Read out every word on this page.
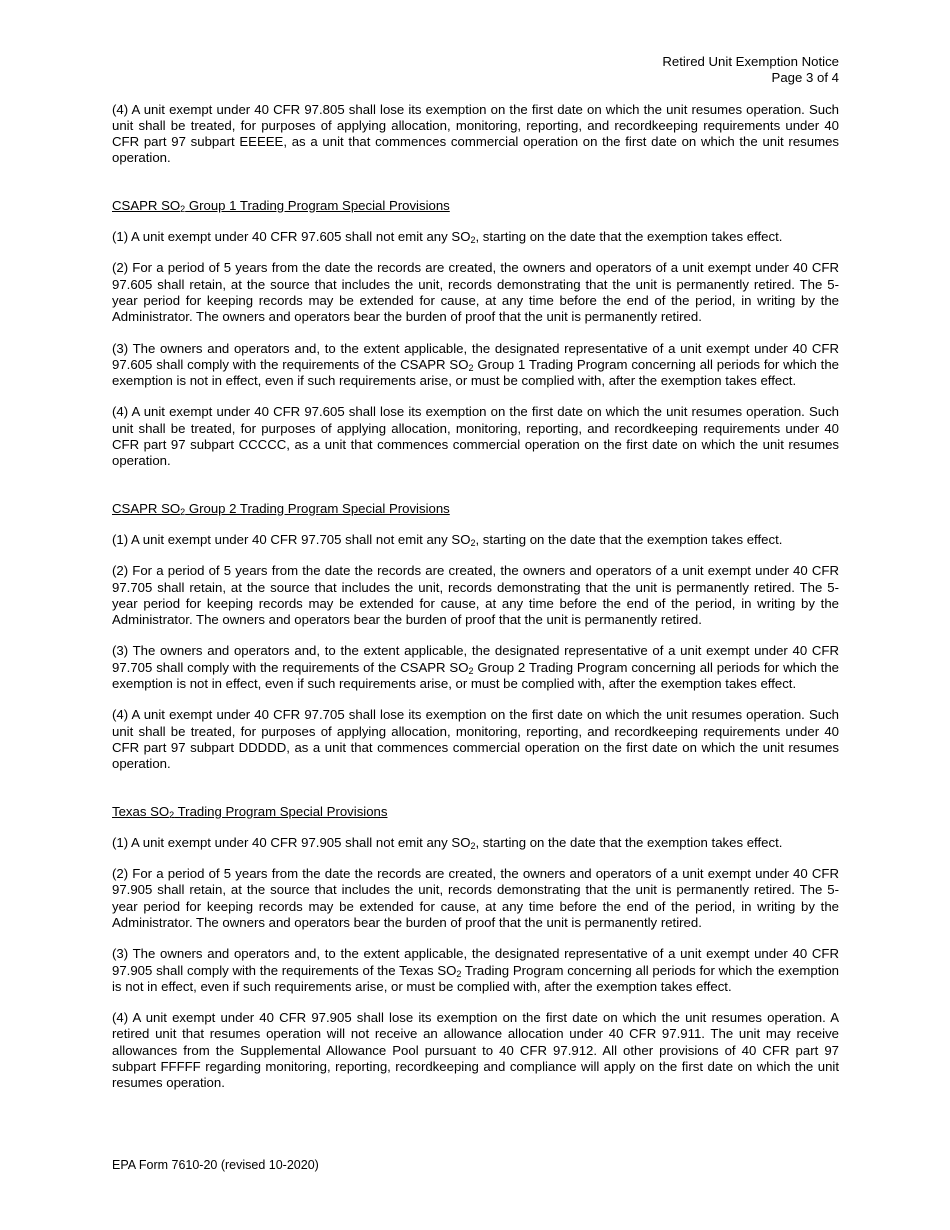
Retired Unit Exemption Notice
Page 3 of 4

(4) A unit exempt under 40 CFR 97.805 shall lose its exemption on the first date on which the unit resumes operation. Such unit shall be treated, for purposes of applying allocation, monitoring, reporting, and recordkeeping requirements under 40 CFR part 97 subpart EEEEE, as a unit that commences commercial operation on the first date on which the unit resumes operation.

CSAPR $SO_2$ Group 1 Trading Program Special Provisions

(1) A unit exempt under 40 CFR 97.605 shall not emit any $SO_2$, starting on the date that the exemption takes effect.

(2) For a period of 5 years from the date the records are created, the owners and operators of a unit exempt under 40 CFR 97.605 shall retain, at the source that includes the unit, records demonstrating that the unit is permanently retired. The 5-year period for keeping records may be extended for cause, at any time before the end of the period, in writing by the Administrator. The owners and operators bear the burden of proof that the unit is permanently retired.

(3) The owners and operators and, to the extent applicable, the designated representative of a unit exempt under 40 CFR 97.605 shall comply with the requirements of the CSAPR $SO_2$ Group 1 Trading Program concerning all periods for which the exemption is not in effect, even if such requirements arise, or must be complied with, after the exemption takes effect.

(4) A unit exempt under 40 CFR 97.605 shall lose its exemption on the first date on which the unit resumes operation. Such unit shall be treated, for purposes of applying allocation, monitoring, reporting, and recordkeeping requirements under 40 CFR part 97 subpart CCCCC, as a unit that commences commercial operation on the first date on which the unit resumes operation.

CSAPR $SO_2$ Group 2 Trading Program Special Provisions

(1) A unit exempt under 40 CFR 97.705 shall not emit any $SO_2$, starting on the date that the exemption takes effect.

(2) For a period of 5 years from the date the records are created, the owners and operators of a unit exempt under 40 CFR 97.705 shall retain, at the source that includes the unit, records demonstrating that the unit is permanently retired. The 5-year period for keeping records may be extended for cause, at any time before the end of the period, in writing by the Administrator. The owners and operators bear the burden of proof that the unit is permanently retired.

(3) The owners and operators and, to the extent applicable, the designated representative of a unit exempt under 40 CFR 97.705 shall comply with the requirements of the CSAPR $SO_2$ Group 2 Trading Program concerning all periods for which the exemption is not in effect, even if such requirements arise, or must be complied with, after the exemption takes effect.

(4) A unit exempt under 40 CFR 97.705 shall lose its exemption on the first date on which the unit resumes operation. Such unit shall be treated, for purposes of applying allocation, monitoring, reporting, and recordkeeping requirements under 40 CFR part 97 subpart DDDDD, as a unit that commences commercial operation on the first date on which the unit resumes operation.

Texas $SO_2$ Trading Program Special Provisions

(1) A unit exempt under 40 CFR 97.905 shall not emit any $SO_2$, starting on the date that the exemption takes effect.

(2) For a period of 5 years from the date the records are created, the owners and operators of a unit exempt under 40 CFR 97.905 shall retain, at the source that includes the unit, records demonstrating that the unit is permanently retired. The 5-year period for keeping records may be extended for cause, at any time before the end of the period, in writing by the Administrator. The owners and operators bear the burden of proof that the unit is permanently retired.

(3) The owners and operators and, to the extent applicable, the designated representative of a unit exempt under 40 CFR 97.905 shall comply with the requirements of the Texas $SO_2$ Trading Program concerning all periods for which the exemption is not in effect, even if such requirements arise, or must be complied with, after the exemption takes effect.

(4) A unit exempt under 40 CFR 97.905 shall lose its exemption on the first date on which the unit resumes operation. A retired unit that resumes operation will not receive an allowance allocation under 40 CFR 97.911. The unit may receive allowances from the Supplemental Allowance Pool pursuant to 40 CFR 97.912. All other provisions of 40 CFR part 97 subpart FFFFF regarding monitoring, reporting, recordkeeping and compliance will apply on the first date on which the unit resumes operation.

EPA Form 7610-20 (revised 10-2020)
